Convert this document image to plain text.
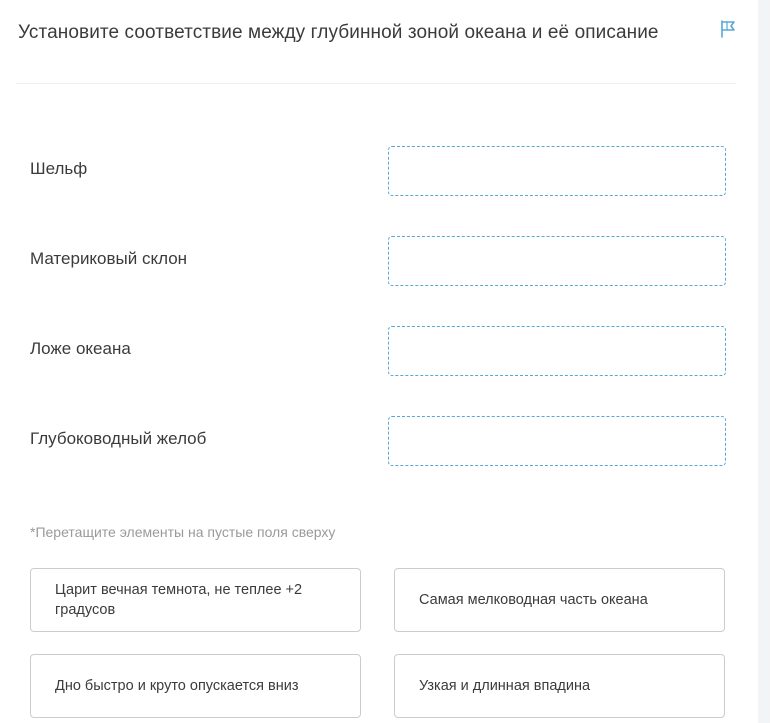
Установите соответствие между глубинной зоной океана и её описание
Шельф
Материковый склон
Ложе океана
Глубоководный желоб
*Перетащите элементы на пустые поля сверху
Царит вечная темнота, не теплее +2 градусов
Самая мелководная часть океана
Дно быстро и круто опускается вниз	Узкая и длинная впадина
